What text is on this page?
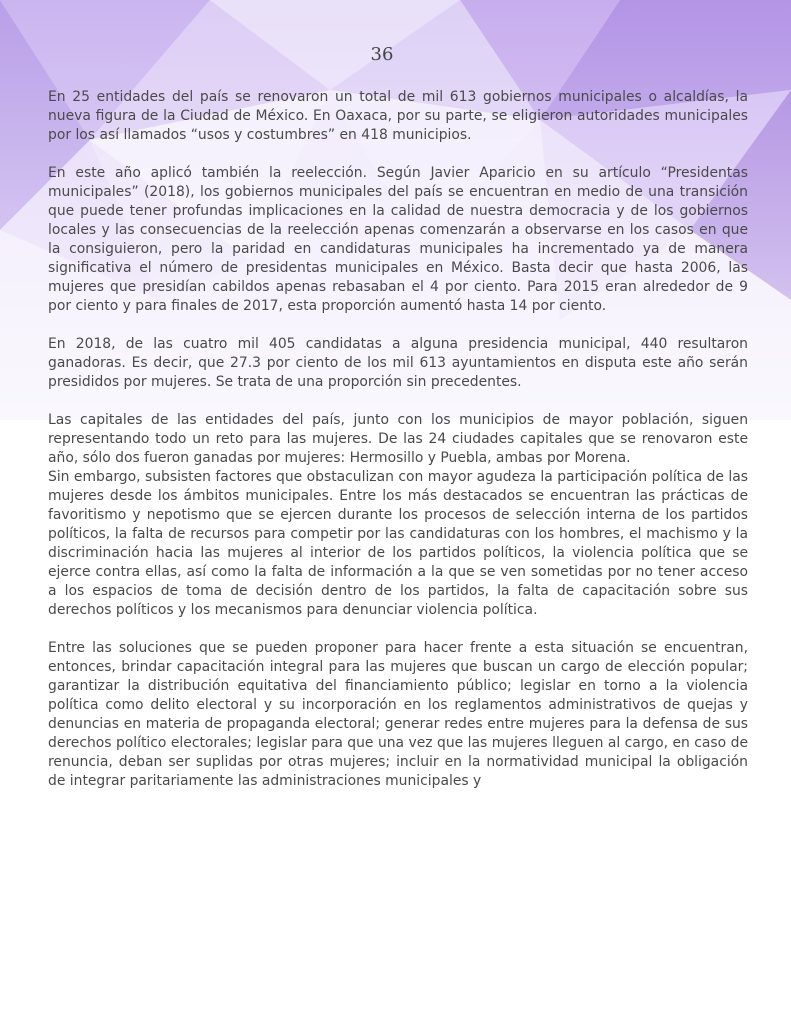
36

En 25 entidades del país se renovaron un total de mil 613 gobiernos municipales o alcaldías, la nueva figura de la Ciudad de México. En Oaxaca, por su parte, se eligieron autoridades municipales por los así llamados “usos y costumbres” en 418 municipios.

En este año aplicó también la reelección. Según Javier Aparicio en su artículo “Presidentas municipales” (2018), los gobiernos municipales del país se encuentran en medio de una transición que puede tener profundas implicaciones en la calidad de nuestra democracia y de los gobiernos locales y las consecuencias de la reelección apenas comenzarán a observarse en los casos en que la consiguieron, pero la paridad en candidaturas municipales ha incrementado ya de manera significativa el número de presidentas municipales en México. Basta decir que hasta 2006, las mujeres que presidían cabildos apenas rebasaban el 4 por ciento. Para 2015 eran alrededor de 9 por ciento y para finales de 2017, esta proporción aumentó hasta 14 por ciento.

En 2018, de las cuatro mil 405 candidatas a alguna presidencia municipal, 440 resultaron ganadoras. Es decir, que 27.3 por ciento de los mil 613 ayuntamientos en disputa este año serán presididos por mujeres. Se trata de una proporción sin precedentes.

Las capitales de las entidades del país, junto con los municipios de mayor población, siguen representando todo un reto para las mujeres. De las 24 ciudades capitales que se renovaron este año, sólo dos fueron ganadas por mujeres: Hermosillo y Puebla, ambas por Morena.

Sin embargo, subsisten factores que obstaculizan con mayor agudeza la participación política de las mujeres desde los ámbitos municipales. Entre los más destacados se encuentran las prácticas de favoritismo y nepotismo que se ejercen durante los procesos de selección interna de los partidos políticos, la falta de recursos para competir por las candidaturas con los hombres, el machismo y la discriminación hacia las mujeres al interior de los partidos políticos, la violencia política que se ejerce contra ellas, así como la falta de información a la que se ven sometidas por no tener acceso a los espacios de toma de decisión dentro de los partidos, la falta de capacitación sobre sus derechos políticos y los mecanismos para denunciar violencia política.

Entre las soluciones que se pueden proponer para hacer frente a esta situación se encuentran, entonces, brindar capacitación integral para las mujeres que buscan un cargo de elección popular; garantizar la distribución equitativa del financiamiento público; legislar en torno a la violencia política como delito electoral y su incorporación en los reglamentos administrativos de quejas y denuncias en materia de propaganda electoral; generar redes entre mujeres para la defensa de sus derechos político electorales; legislar para que una vez que las mujeres lleguen al cargo, en caso de renuncia, deban ser suplidas por otras mujeres; incluir en la normatividad municipal la obligación de integrar paritariamente las administraciones municipales y
